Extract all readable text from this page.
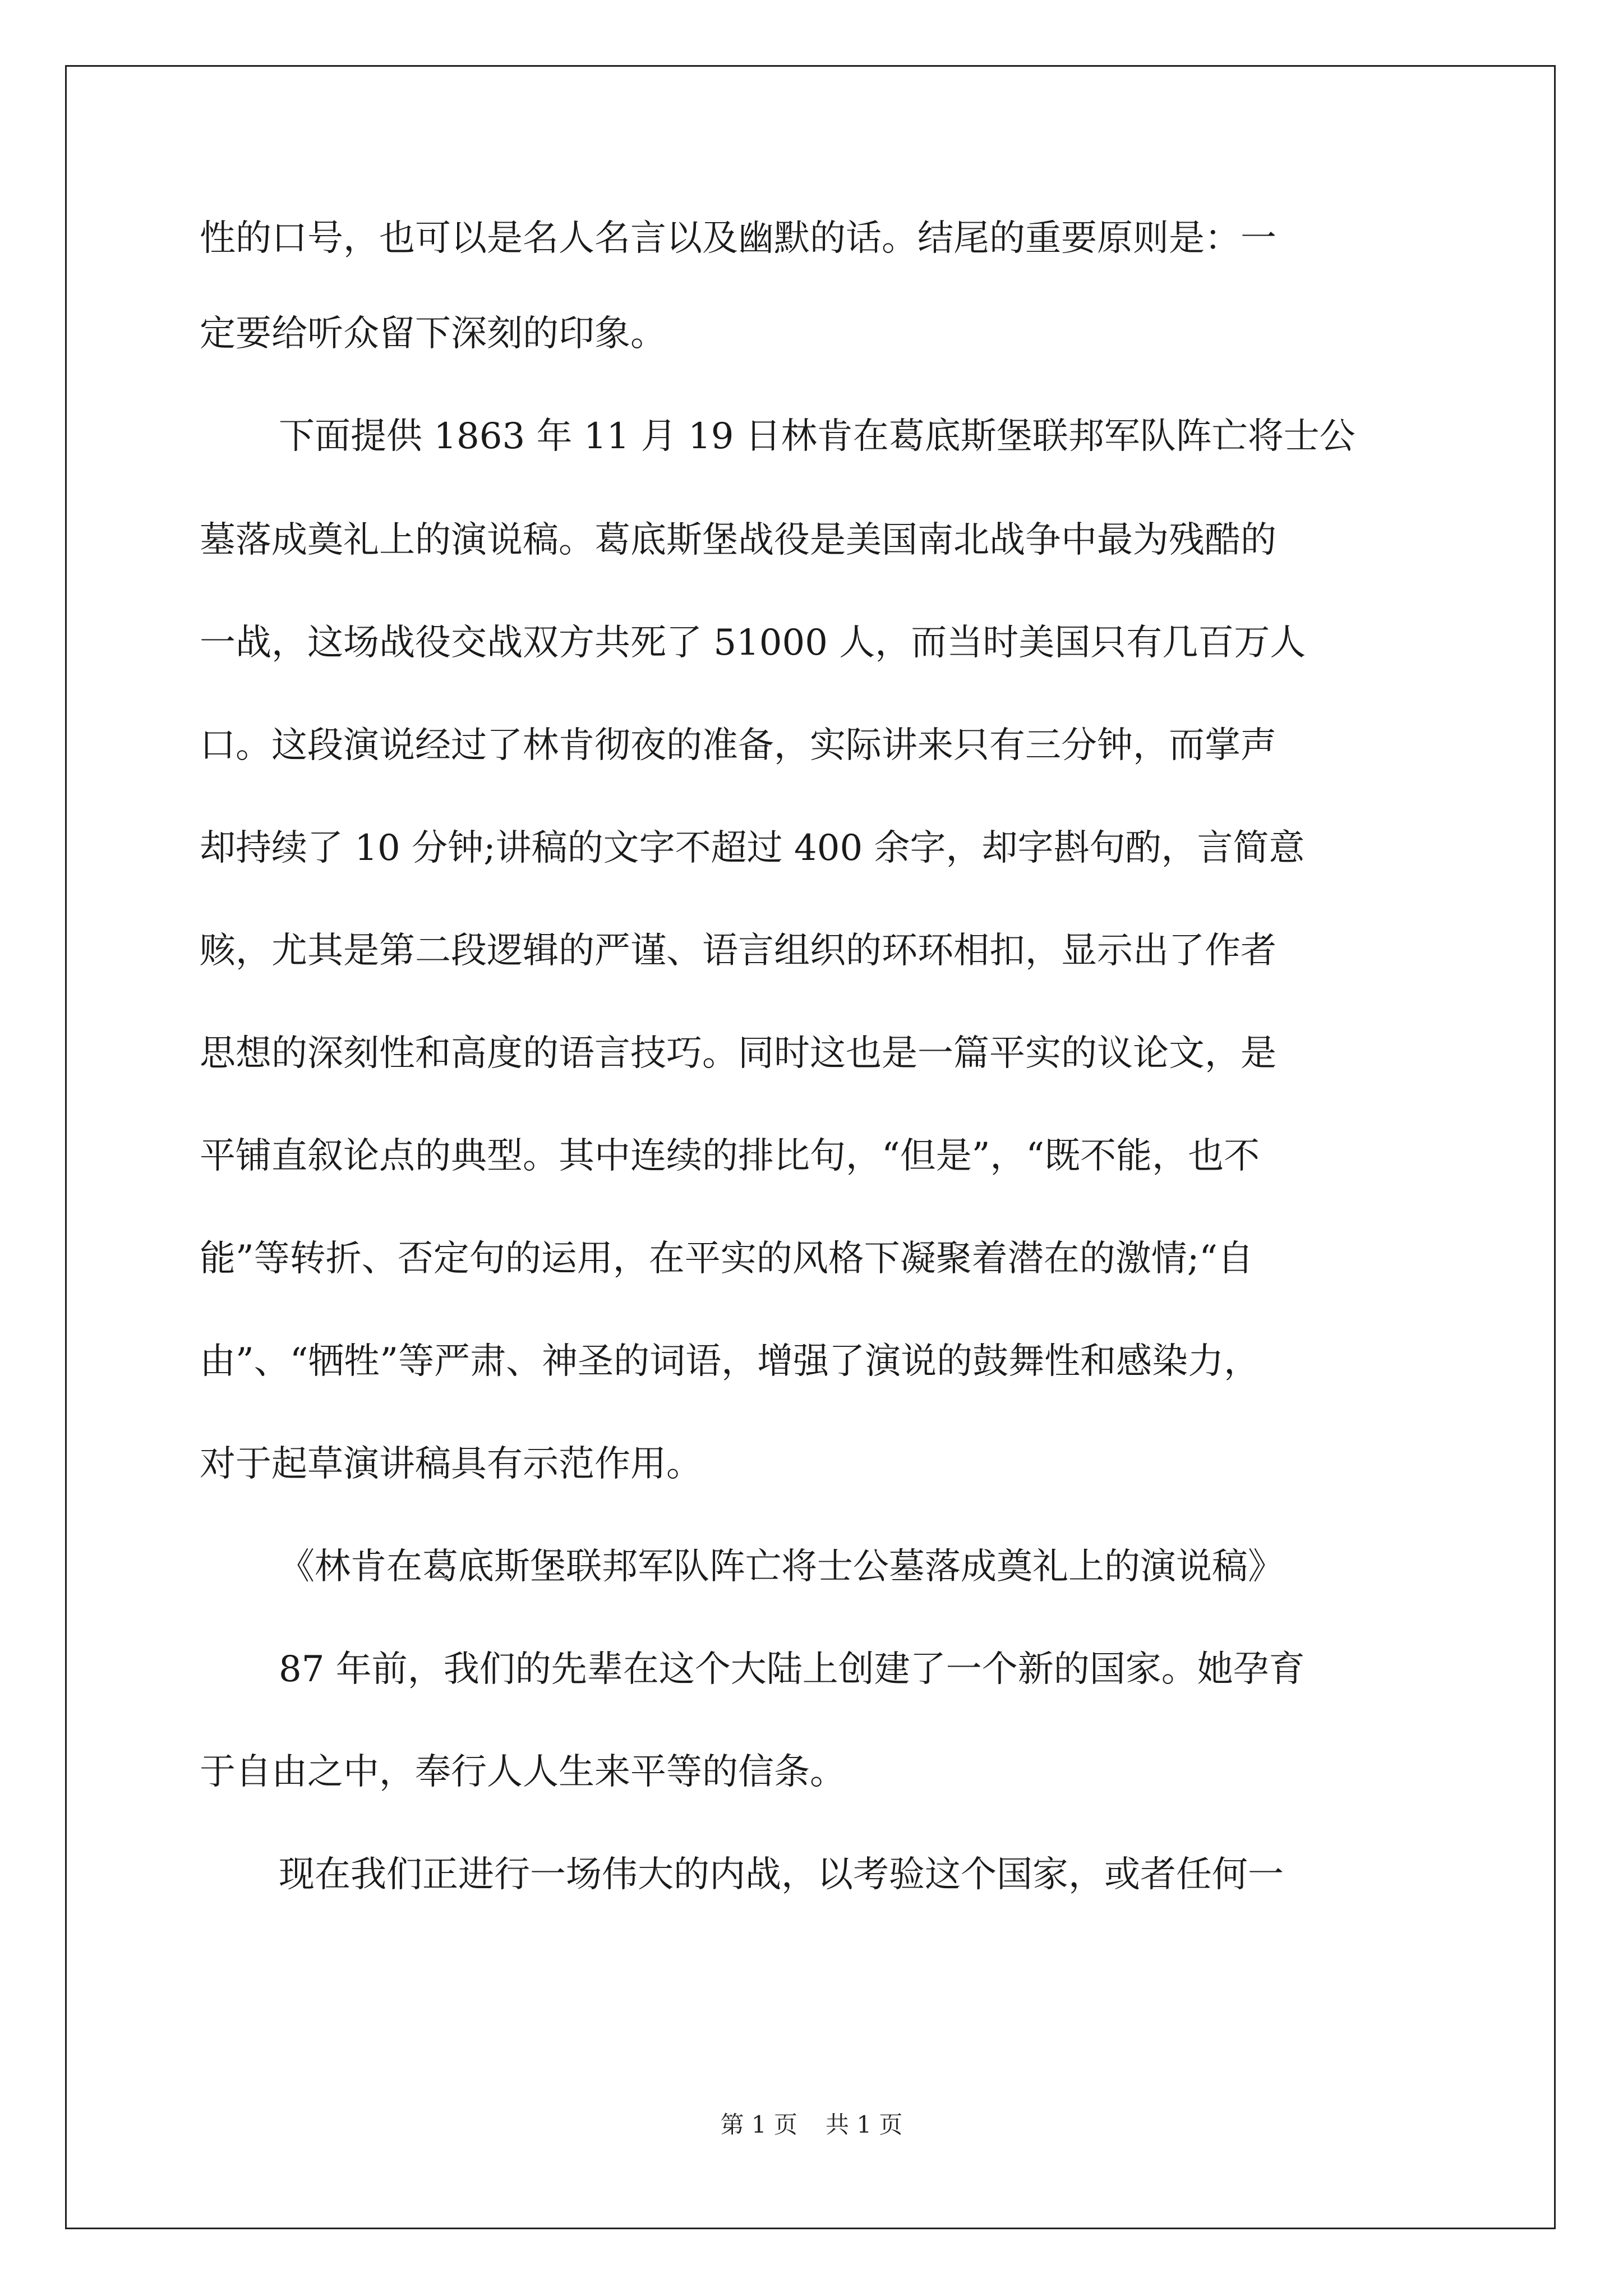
性的口号，也可以是名人名言以及幽默的话。结尾的重要原则是：一
定要给听众留下深刻的印象。
下面提供 1863 年 11 月 19 日林肯在葛底斯堡联邦军队阵亡将士公
墓落成奠礼上的演说稿。葛底斯堡战役是美国南北战争中最为残酷的
一战，这场战役交战双方共死了 51000 人，而当时美国只有几百万人
口。这段演说经过了林肯彻夜的准备，实际讲来只有三分钟，而掌声
却持续了 10 分钟;讲稿的文字不超过 400 余字，却字斟句酌，言简意
赅，尤其是第二段逻辑的严谨、语言组织的环环相扣，显示出了作者
思想的深刻性和高度的语言技巧。同时这也是一篇平实的议论文，是
平铺直叙论点的典型。其中连续的排比句，“但是”，“既不能，也不
能”等转折、否定句的运用，在平实的风格下凝聚着潜在的激情;“自
由”、“牺牲”等严肃、神圣的词语，增强了演说的鼓舞性和感染力，
对于起草演讲稿具有示范作用。
《林肯在葛底斯堡联邦军队阵亡将士公墓落成奠礼上的演说稿》
87 年前，我们的先辈在这个大陆上创建了一个新的国家。她孕育
于自由之中，奉行人人生来平等的信条。
现在我们正进行一场伟大的内战，以考验这个国家，或者任何一
第 1 页 共 1 页
